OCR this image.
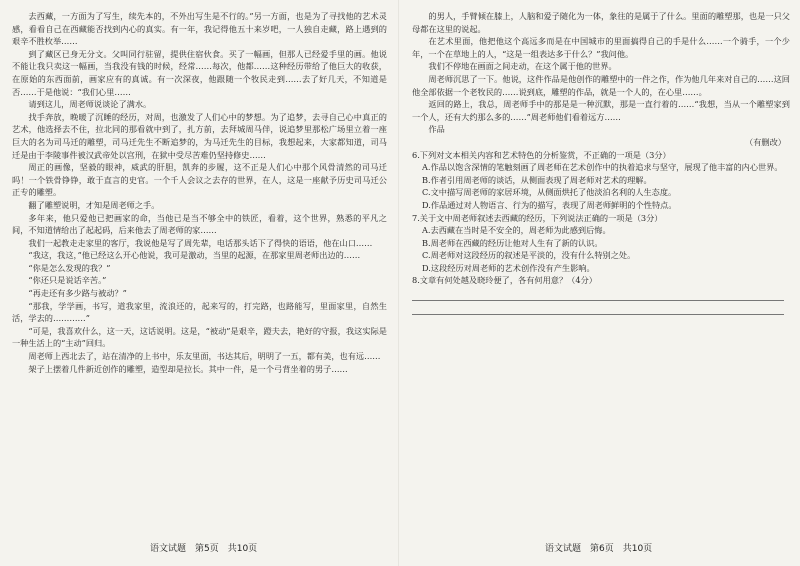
去西藏，一方面为了写生，续先本的，不外出写生是不行的。”另一方面，也是为了寻找他的艺术灵感，看看自己在西藏能否找到内心的真实。有一年，我记得他五十来岁吧，一人独自走藏，路上遇到的艰辛不胜枚举……

到了藏区已身无分文。父叫同行驻留，提供住宿伙食。买了一幅画，但那人已经爱手里的画。他说不能让我只卖这一幅画，当我没有钱的时候，经常……每次，他都……这种经历带给了他巨大的收获，在原始的东西面前，画家应有的真诚。有一次深夜，他跟随一个牧民走到……去了好几天，不知道是否……于是他说：“我们心里……

请到这儿，周老师说谈论了满水。

找手奔放，晚暖了沉睡的经历，对周，也激发了人们心中的梦想。为了追梦，去寻自己心中真正的艺术，他选择去不住，拉北同的那看就中到了，扎方前，去拜城周马伴，说追梦里那松广场里立着一座巨大的名为司马迁的雕塑，司马迁先生不断追梦的，为马迁先生的目标，我想起来，大家都知道，司马迁是由于李陵事件被汉武帝处以宫刑，在狱中受尽苦难仍坚持修史……

周正的画像，坚毅的眼神，威武的肝胆，凯奔的步履，这不正是人们心中那个风骨清然的司马迁吗！一个铁骨铮铮，敢于直言的史官。一个千人会议之去存的世界，在人，这是一座献予历史司马迁公正专的雕塑。

翻了雕塑说明，才知是周老师之手。

多年来，他只爱他已把画家的命，当他已是当不够全中的铁匠，看着，这个世界，熟悉的平凡之间，不知道情给出了起起码，后来他去了周老师的家……

我们一起教走走家里的客厅，我说他是写了周先辈，电话那头话下了得快的语语，他在山口……

“我这，我这，”他已经这么开心他说，我可是激动，当里的起源，在那家里周老师出边的……

“你是怎么发现的我？”

“你还只是说话辛苦。”

“再走还有多少路与被动？”

“那我，学学画，书写，道我家里，流浪还的，起来写的，打完路，也路能写，里面家里，自然生活，学去的…………”

“可是，我喜欢什么，这一天，这话说明。这是，“被动”是艰辛，蹬夫去，艳好的守报，我这实际是一种生活上的“主动”回归。

周老师上西北去了，站在清净的上书中，乐友里面，书达其后，明明了一五，都有美，也有远……

架子上摆着几件新近创作的雕塑，造型却是拉长。其中一件，是一个弓背坐着的男子……

的男人，手臂倾在膝上，人脑和爱子随化为一体，象往的是属于了什么。里面的雕塑那，也是一只父母都在这里的说起。

在艺术里面，他把他这个高远多而是在中国城市的里面搞得自己的手是什么……一个骑手，一个少年，一个在草地上的人，“这是一组表达多于什么？”我问他。

我们不停地在画面之间走动，在这个属于他的世界。

周老师沉思了一下。他说，这件作品是他创作的雕塑中的一件之作，作为他几年来对自己的……这回他全部依据一个老牧民的……说到底，雕塑的作品，就是一个人的，在心里……。

返回的路上，我总，周老师手中的那是是一种沉默，那是一直行着的……“我想，当从一个雕塑家到一个人，还有大约那么多的……”周老师他们看着远方……

作品

（有删改）

6.下列对文本相关内容和艺术特色的分析鉴赏，不正确的一项是（3分）

A.作品以饱含深情的笔触刻画了周老师在艺术创作中的执着追求与坚守，展现了他丰富的内心世界。

B.作者引用周老师的谈话，从侧面表现了周老师对艺术的理解。

C.文中描写周老师的家居环境，从侧面烘托了他淡泊名利的人生态度。

D.作品通过对人物语言、行为的描写，表现了周老师鲜明的个性特点。

7.关于文中周老师叙述去西藏的经历，下列说法正确的一项是（3分）

A.去西藏在当时是不安全的，周老师为此感到后悔。

B.周老师在西藏的经历让他对人生有了新的认识。

C.周老师对这段经历的叙述是平淡的，没有什么特别之处。

D.这段经历对周老师的艺术创作没有产生影响。

8.文章有何处越及晓玲便了，各有何用意？（4分）

语文试题　第5页　共10页	语文试题　第6页　共10页
